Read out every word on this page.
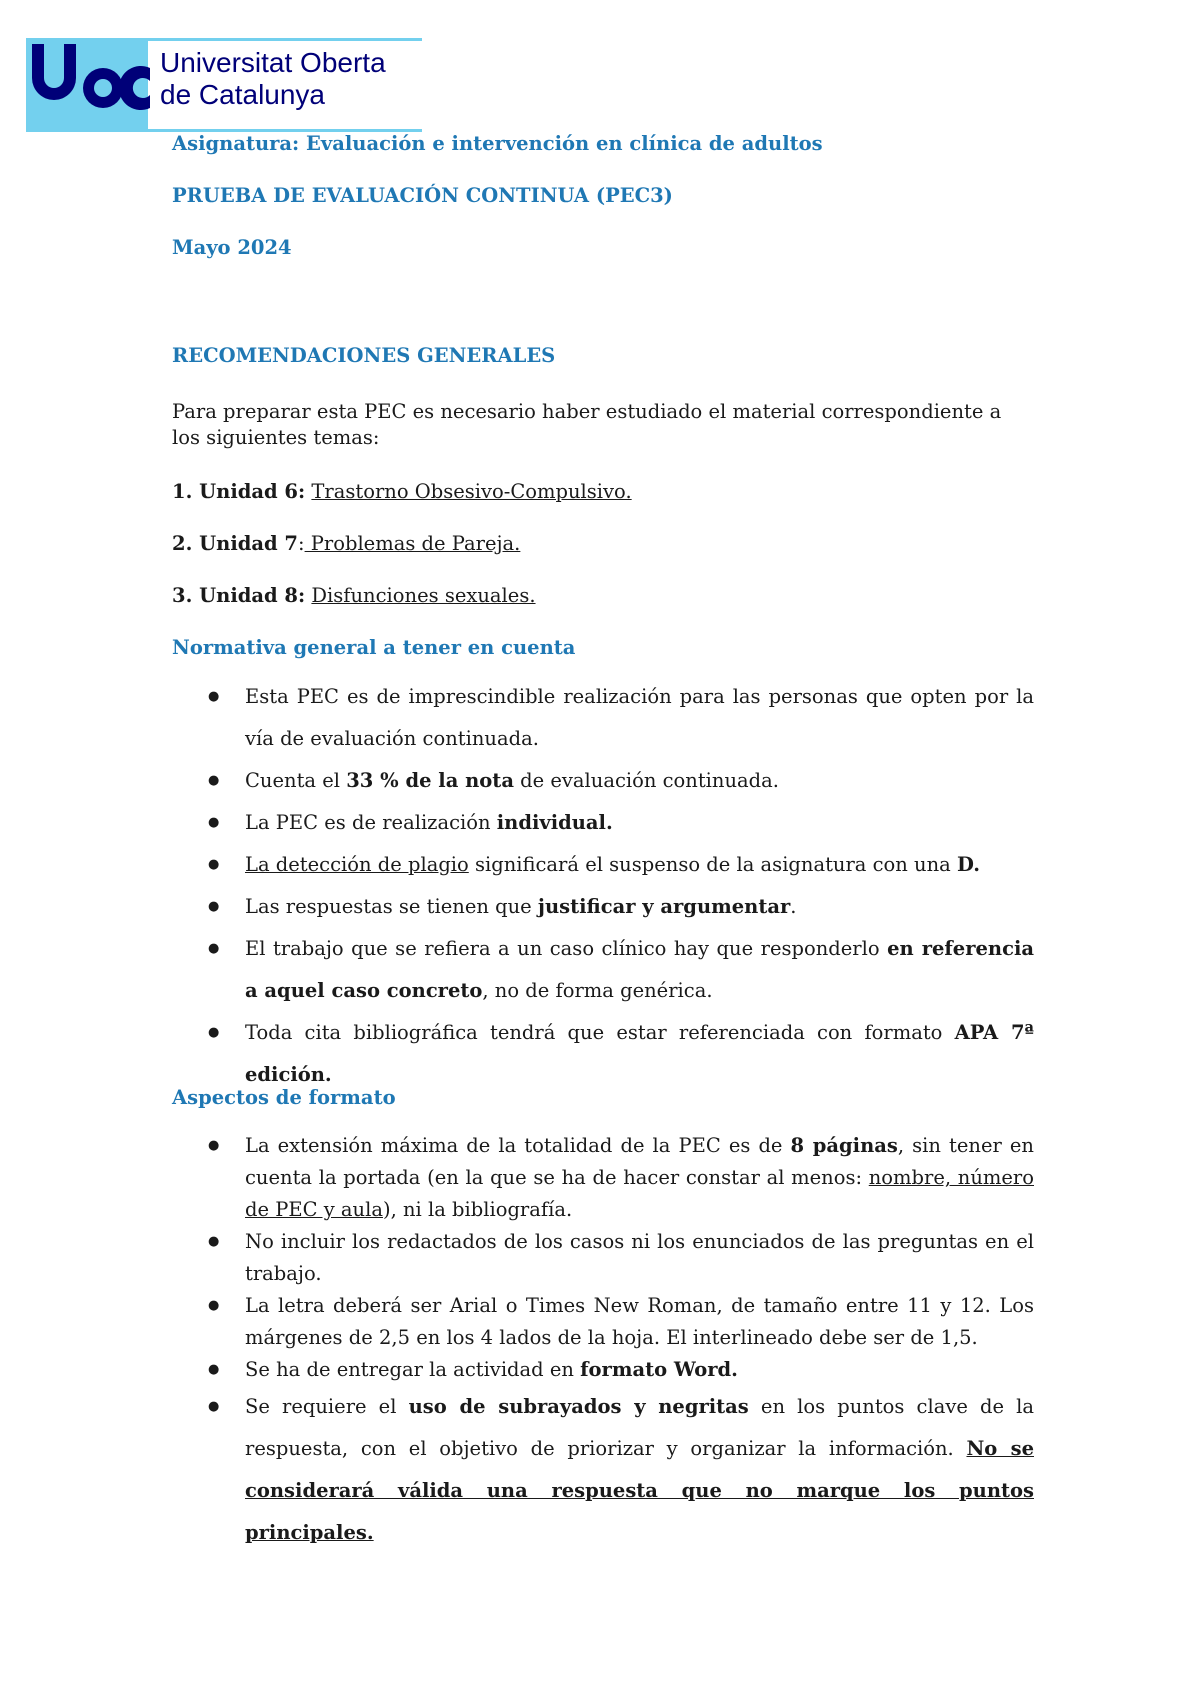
Universitat Oberta
de Catalunya
Asignatura: Evaluación e intervención en clínica de adultos
PRUEBA DE EVALUACIÓN CONTINUA (PEC3)
Mayo 2024
RECOMENDACIONES GENERALES
Para preparar esta PEC es necesario haber estudiado el material correspondiente a
los siguientes temas:
1. Unidad 6: Trastorno Obsesivo-Compulsivo.
2. Unidad 7: Problemas de Pareja.
3. Unidad 8: Disfunciones sexuales.
Normativa general a tener en cuenta
● Esta PEC es de imprescindible realización para las personas que opten por la vía de evaluación continuada.
● Cuenta el 33 % de la nota de evaluación continuada.
● La PEC es de realización individual.
● La detección de plagio significará el suspenso de la asignatura con una D.
● Las respuestas se tienen que justificar y argumentar.
● El trabajo que se refiera a un caso clínico hay que responderlo en referencia a aquel caso concreto, no de forma genérica.
● Toda cita bibliográfica tendrá que estar referenciada con formato APA 7ª edición.
Aspectos de formato
● La extensión máxima de la totalidad de la PEC es de 8 páginas, sin tener en cuenta la portada (en la que se ha de hacer constar al menos: nombre, número de PEC y aula), ni la bibliografía.
● No incluir los redactados de los casos ni los enunciados de las preguntas en el trabajo.
● La letra deberá ser Arial o Times New Roman, de tamaño entre 11 y 12. Los márgenes de 2,5 en los 4 lados de la hoja. El interlineado debe ser de 1,5.
● Se ha de entregar la actividad en formato Word.
● Se requiere el uso de subrayados y negritas en los puntos clave de la respuesta, con el objetivo de priorizar y organizar la información. No se considerará válida una respuesta que no marque los puntos principales.
